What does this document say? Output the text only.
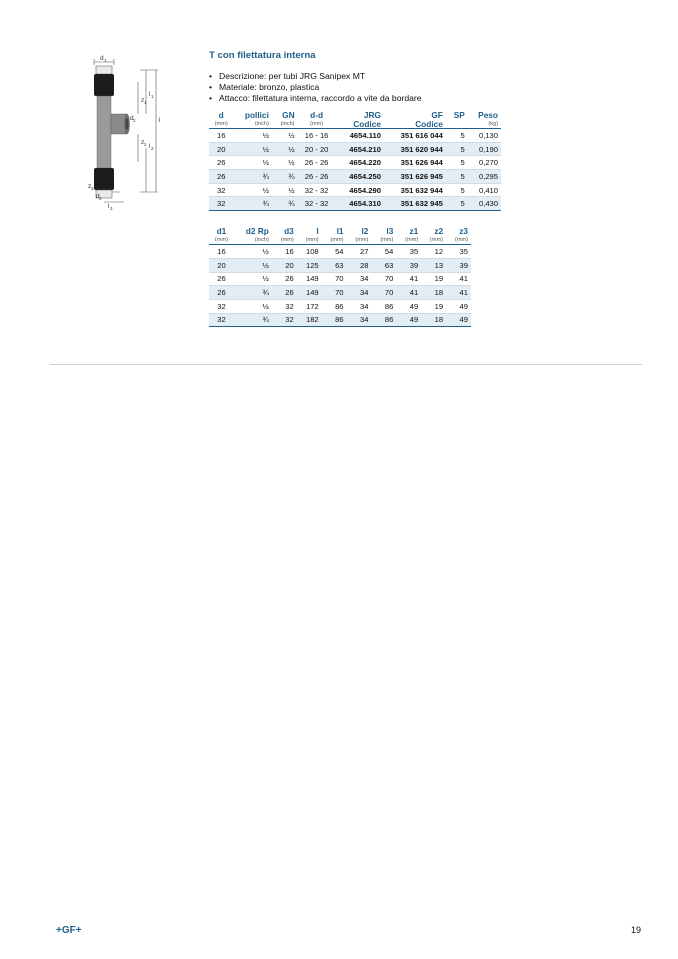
d 1
l 1
z 1
l
z 2
d 2
l 2
z 3
d 3
l 3
T con filettatura interna
• Descrizione: per tubi JRG Sanipex MT
• Materiale: bronzo, plastica
• Attacco: filettatura interna, raccordo a vite da bordare
d	pollici	GN	d-d	JRG	GF	SP	Peso
(mm)	(inch)	(inch)	(mm)	Codice	Codice		(kg)
16	½	½	16 - 16	4654.110	351 616 044	5	0,130
20	½	½	20 - 20	4654.210	351 620 944	5	0,190
26	½	½	26 - 26	4654.220	351 626 944	5	0,270
26	¾	¾	26 - 26	4654.250	351 626 945	5	0,295
32	½	½	32 - 32	4654.290	351 632 944	5	0,410
32	¾	¾	32 - 32	4654.310	351 632 945	5	0,430
d1	d2 Rp	d3	l	l1	l2	l3	z1	z2	z3
(mm)	(inch)	(mm)	(mm)	(mm)	(mm)	(mm)	(mm)	(mm)	(mm)
16	½	16	108	54	27	54	35	12	35
20	½	20	125	63	28	63	39	13	39
26	½	26	149	70	34	70	41	19	41
26	¾	26	149	70	34	70	41	18	41
32	½	32	172	86	34	86	49	19	49
32	¾	32	182	86	34	86	49	18	49
+GF+	19
